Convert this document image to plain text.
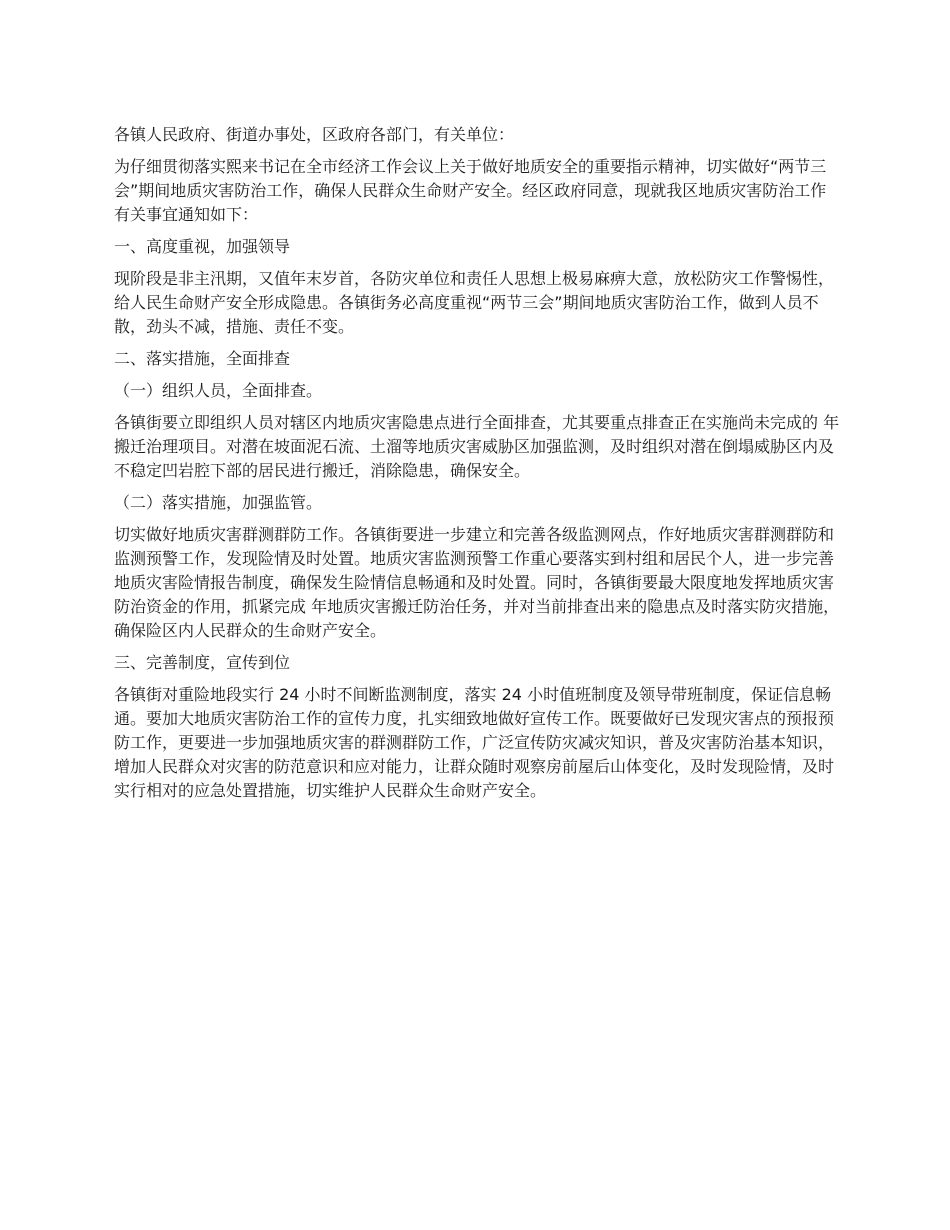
各镇人民政府、街道办事处，区政府各部门，有关单位：

为仔细贯彻落实熙来书记在全市经济工作会议上关于做好地质安全的重要指示精神，切实做好“两节三会”期间地质灾害防治工作，确保人民群众生命财产安全。经区政府同意，现就我区地质灾害防治工作有关事宜通知如下：

一、高度重视，加强领导

现阶段是非主汛期，又值年末岁首，各防灾单位和责任人思想上极易麻痹大意，放松防灾工作警惕性，给人民生命财产安全形成隐患。各镇街务必高度重视“两节三会”期间地质灾害防治工作，做到人员不散，劲头不减，措施、责任不变。

二、落实措施，全面排查

（一）组织人员，全面排查。

各镇街要立即组织人员对辖区内地质灾害隐患点进行全面排查，尤其要重点排查正在实施尚未完成的 年搬迁治理项目。对潜在坡面泥石流、土溜等地质灾害威胁区加强监测，及时组织对潜在倒塌威胁区内及不稳定凹岩腔下部的居民进行搬迁，消除隐患，确保安全。

（二）落实措施，加强监管。

切实做好地质灾害群测群防工作。各镇街要进一步建立和完善各级监测网点，作好地质灾害群测群防和监测预警工作，发现险情及时处置。地质灾害监测预警工作重心要落实到村组和居民个人，进一步完善地质灾害险情报告制度，确保发生险情信息畅通和及时处置。同时，各镇街要最大限度地发挥地质灾害防治资金的作用，抓紧完成 年地质灾害搬迁防治任务，并对当前排查出来的隐患点及时落实防灾措施，确保险区内人民群众的生命财产安全。

三、完善制度，宣传到位

各镇街对重险地段实行 24 小时不间断监测制度，落实 24 小时值班制度及领导带班制度，保证信息畅通。要加大地质灾害防治工作的宣传力度，扎实细致地做好宣传工作。既要做好已发现灾害点的预报预防工作，更要进一步加强地质灾害的群测群防工作，广泛宣传防灾减灾知识，普及灾害防治基本知识，增加人民群众对灾害的防范意识和应对能力，让群众随时观察房前屋后山体变化，及时发现险情，及时实行相对的应急处置措施，切实维护人民群众生命财产安全。
